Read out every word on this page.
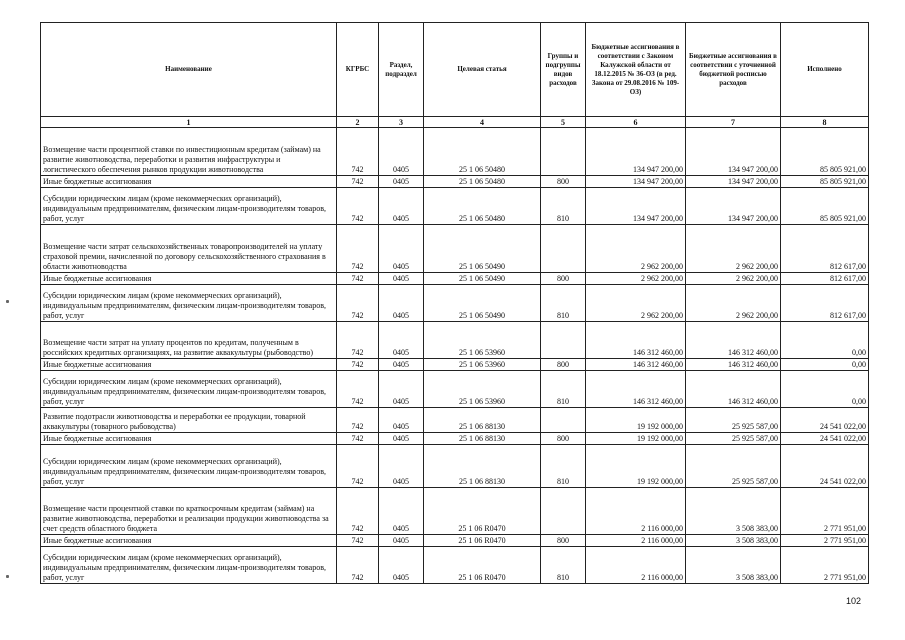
Наименование	КГРБС	Раздел, подраздел	Целевая статья	Группы и подгруппы видов расходов	Бюджетные ассигнования в соответствии с Законом Калужской области от 18.12.2015 № 36-ОЗ (в ред. Закона от 29.08.2016 № 109-ОЗ)	Бюджетные ассигнования в соответствии с уточненной бюджетной росписью расходов	Исполнено
1	2	3	4	5	6	7	8
Возмещение части процентной ставки по инвестиционным кредитам (займам) на развитие животноводства, переработки и развития инфраструктуры и логистического обеспечения рынков продукции животноводства	742	0405	25 1 06 50480		134 947 200,00	134 947 200,00	85 805 921,00
Иные бюджетные ассигнования	742	0405	25 1 06 50480	800	134 947 200,00	134 947 200,00	85 805 921,00
Субсидии юридическим лицам (кроме некоммерческих организаций), индивидуальным предпринимателям, физическим лицам-производителям товаров, работ, услуг	742	0405	25 1 06 50480	810	134 947 200,00	134 947 200,00	85 805 921,00
Возмещение части затрат сельскохозяйственных товаропроизводителей на уплату страховой премии, начисленной по договору сельскохозяйственного страхования в области животноводства	742	0405	25 1 06 50490		2 962 200,00	2 962 200,00	812 617,00
Иные бюджетные ассигнования	742	0405	25 1 06 50490	800	2 962 200,00	2 962 200,00	812 617,00
Субсидии юридическим лицам (кроме некоммерческих организаций), индивидуальным предпринимателям, физическим лицам-производителям товаров, работ, услуг	742	0405	25 1 06 50490	810	2 962 200,00	2 962 200,00	812 617,00
Возмещение части затрат на уплату процентов по кредитам, полученным в российских кредитных организациях, на развитие аквакультуры (рыбоводство)	742	0405	25 1 06 53960		146 312 460,00	146 312 460,00	0,00
Иные бюджетные ассигнования	742	0405	25 1 06 53960	800	146 312 460,00	146 312 460,00	0,00
Субсидии юридическим лицам (кроме некоммерческих организаций), индивидуальным предпринимателям, физическим лицам-производителям товаров, работ, услуг	742	0405	25 1 06 53960	810	146 312 460,00	146 312 460,00	0,00
Развитие подотрасли животноводства и переработки ее продукции, товарной аквакультуры (товарного рыбоводства)	742	0405	25 1 06 88130		19 192 000,00	25 925 587,00	24 541 022,00
Иные бюджетные ассигнования	742	0405	25 1 06 88130	800	19 192 000,00	25 925 587,00	24 541 022,00
Субсидии юридическим лицам (кроме некоммерческих организаций), индивидуальным предпринимателям, физическим лицам-производителям товаров, работ, услуг	742	0405	25 1 06 88130	810	19 192 000,00	25 925 587,00	24 541 022,00
Возмещение части процентной ставки по краткосрочным кредитам (займам) на развитие животноводства, переработки и реализации продукции животноводства за счет средств областного бюджета	742	0405	25 1 06 R0470		2 116 000,00	3 508 383,00	2 771 951,00
Иные бюджетные ассигнования	742	0405	25 1 06 R0470	800	2 116 000,00	3 508 383,00	2 771 951,00
Субсидии юридическим лицам (кроме некоммерческих организаций), индивидуальным предпринимателям, физическим лицам-производителям товаров, работ, услуг	742	0405	25 1 06 R0470	810	2 116 000,00	3 508 383,00	2 771 951,00
102
